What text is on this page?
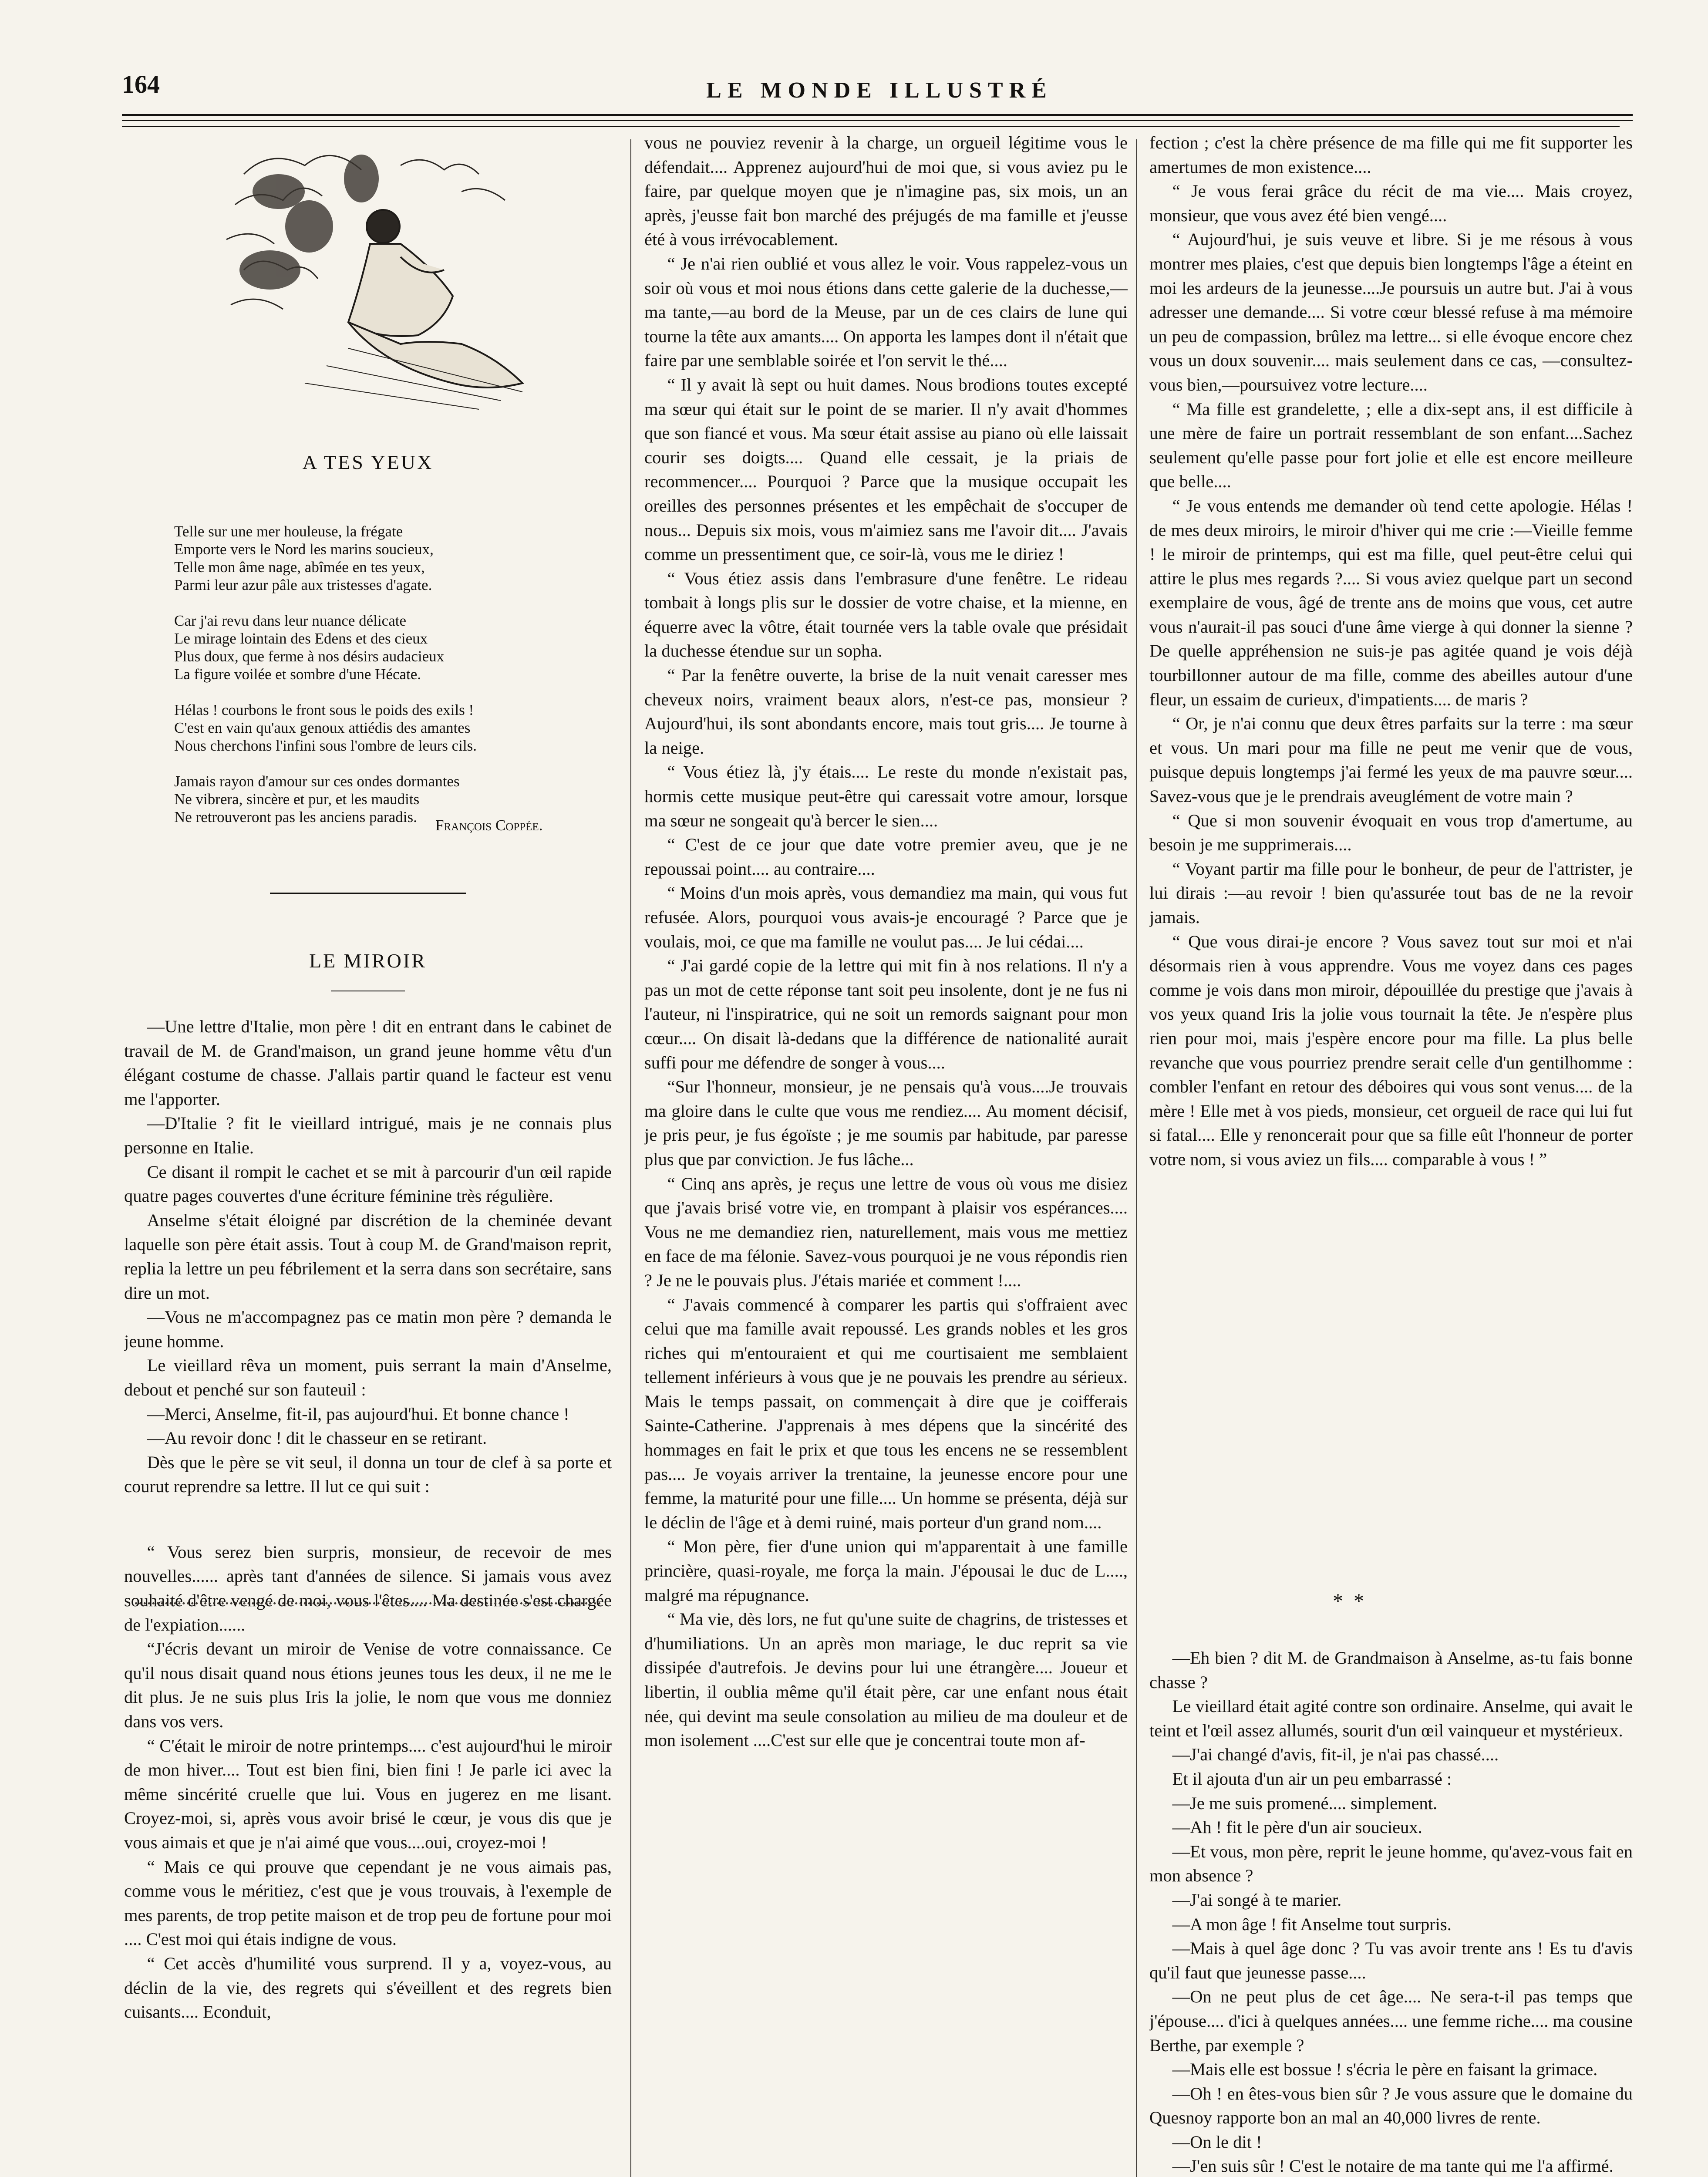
164	LE MONDE ILLUSTRÉ
A TES YEUX
Telle sur une mer houleuse, la frégate
Emporte vers le Nord les marins soucieux,
Telle mon âme nage, abîmée en tes yeux,
Parmi leur azur pâle aux tristesses d'agate.
Car j'ai revu dans leur nuance délicate
Le mirage lointain des Edens et des cieux
Plus doux, que ferme à nos désirs audacieux
La figure voilée et sombre d'une Hécate.
Hélas ! courbons le front sous le poids des exils !
C'est en vain qu'aux genoux attiédis des amantes
Nous cherchons l'infini sous l'ombre de leurs cils.
Jamais rayon d'amour sur ces ondes dormantes
Ne vibrera, sincère et pur, et les maudits
Ne retrouveront pas les anciens paradis.	François Coppée.
LE MIROIR

—Une lettre d'Italie, mon père ! dit en entrant dans le cabinet de travail de M. de Grand'maison, un grand jeune homme vêtu d'un élégant costume de chasse. J'allais partir quand le facteur est venu me l'apporter.

—D'Italie ? fit le vieillard intrigué, mais je ne connais plus personne en Italie.

Ce disant il rompit le cachet et se mit à parcourir d'un œil rapide quatre pages couvertes d'une écriture féminine très régulière.

Anselme s'était éloigné par discrétion de la cheminée devant laquelle son père était assis. Tout à coup M. de Grand'maison reprit, replia la lettre un peu fébrilement et la serra dans son secrétaire, sans dire un mot.

—Vous ne m'accompagnez pas ce matin mon père ? demanda le jeune homme.

Le vieillard rêva un moment, puis serrant la main d'Anselme, debout et penché sur son fauteuil :

—Merci, Anselme, fit-il, pas aujourd'hui. Et bonne chance !

—Au revoir donc ! dit le chasseur en se retirant.

Dès que le père se vit seul, il donna un tour de clef à sa porte et courut reprendre sa lettre. Il lut ce qui suit :

“ Vous serez bien surpris, monsieur, de recevoir de mes nouvelles...... après tant d'années de silence. Si jamais vous avez souhaité d'être vengé de moi, vous l'êtes.... Ma destinée s'est chargée de l'expiation......

“J'écris devant un miroir de Venise de votre connaissance. Ce qu'il nous disait quand nous étions jeunes tous les deux, il ne me le dit plus. Je ne suis plus Iris la jolie, le nom que vous me donniez dans vos vers.

“ C'était le miroir de notre printemps.... c'est aujourd'hui le miroir de mon hiver.... Tout est bien fini, bien fini ! Je parle ici avec la même sincérité cruelle que lui. Vous en jugerez en me lisant. Croyez-moi, si, après vous avoir brisé le cœur, je vous dis que je vous aimais et que je n'ai aimé que vous....oui, croyez-moi !

“ Mais ce qui prouve que cependant je ne vous aimais pas, comme vous le méritiez, c'est que je vous trouvais, à l'exemple de mes parents, de trop petite maison et de trop peu de fortune pour moi .... C'est moi qui étais indigne de vous.

“ Cet accès d'humilité vous surprend. Il y a, voyez-vous, au déclin de la vie, des regrets qui s'éveillent et des regrets bien cuisants.... Econduit,

vous ne pouviez revenir à la charge, un orgueil légitime vous le défendait.... Apprenez aujourd'hui de moi que, si vous aviez pu le faire, par quelque moyen que je n'imagine pas, six mois, un an après, j'eusse fait bon marché des préjugés de ma famille et j'eusse été à vous irrévocablement.

“ Je n'ai rien oublié et vous allez le voir. Vous rappelez-vous un soir où vous et moi nous étions dans cette galerie de la duchesse,—ma tante,—au bord de la Meuse, par un de ces clairs de lune qui tourne la tête aux amants.... On apporta les lampes dont il n'était que faire par une semblable soirée et l'on servit le thé....

“ Il y avait là sept ou huit dames. Nous brodions toutes excepté ma sœur qui était sur le point de se marier. Il n'y avait d'hommes que son fiancé et vous. Ma sœur était assise au piano où elle laissait courir ses doigts.... Quand elle cessait, je la priais de recommencer.... Pourquoi ? Parce que la musique occupait les oreilles des personnes présentes et les empêchait de s'occuper de nous... Depuis six mois, vous m'aimiez sans me l'avoir dit.... J'avais comme un pressentiment que, ce soir-là, vous me le diriez !

“ Vous étiez assis dans l'embrasure d'une fenêtre. Le rideau tombait à longs plis sur le dossier de votre chaise, et la mienne, en équerre avec la vôtre, était tournée vers la table ovale que présidait la duchesse étendue sur un sopha.

“ Par la fenêtre ouverte, la brise de la nuit venait caresser mes cheveux noirs, vraiment beaux alors, n'est-ce pas, monsieur ? Aujourd'hui, ils sont abondants encore, mais tout gris.... Je tourne à la neige.

“ Vous étiez là, j'y étais.... Le reste du monde n'existait pas, hormis cette musique peut-être qui caressait votre amour, lorsque ma sœur ne songeait qu'à bercer le sien....

“ C'est de ce jour que date votre premier aveu, que je ne repoussai point.... au contraire....

“ Moins d'un mois après, vous demandiez ma main, qui vous fut refusée. Alors, pourquoi vous avais-je encouragé ? Parce que je voulais, moi, ce que ma famille ne voulut pas.... Je lui cédai....

“ J'ai gardé copie de la lettre qui mit fin à nos relations. Il n'y a pas un mot de cette réponse tant soit peu insolente, dont je ne fus ni l'auteur, ni l'inspiratrice, qui ne soit un remords saignant pour mon cœur.... On disait là-dedans que la différence de nationalité aurait suffi pour me défendre de songer à vous....

“Sur l'honneur, monsieur, je ne pensais qu'à vous....Je trouvais ma gloire dans le culte que vous me rendiez.... Au moment décisif, je pris peur, je fus égoïste ; je me soumis par habitude, par paresse plus que par conviction. Je fus lâche...

“ Cinq ans après, je reçus une lettre de vous où vous me disiez que j'avais brisé votre vie, en trompant à plaisir vos espérances.... Vous ne me demandiez rien, naturellement, mais vous me mettiez en face de ma félonie. Savez-vous pourquoi je ne vous répondis rien ? Je ne le pouvais plus. J'étais mariée et comment !....

“ J'avais commencé à comparer les partis qui s'offraient avec celui que ma famille avait repoussé. Les grands nobles et les gros riches qui m'entouraient et qui me courtisaient me semblaient tellement inférieurs à vous que je ne pouvais les prendre au sérieux. Mais le temps passait, on commençait à dire que je coifferais Sainte-Catherine. J'apprenais à mes dépens que la sincérité des hommages en fait le prix et que tous les encens ne se ressemblent pas.... Je voyais arriver la trentaine, la jeunesse encore pour une femme, la maturité pour une fille.... Un homme se présenta, déjà sur le déclin de l'âge et à demi ruiné, mais porteur d'un grand nom....

“ Mon père, fier d'une union qui m'apparentait à une famille princière, quasi-royale, me força la main. J'épousai le duc de L...., malgré ma répugnance.

“ Ma vie, dès lors, ne fut qu'une suite de chagrins, de tristesses et d'humiliations. Un an après mon mariage, le duc reprit sa vie dissipée d'autrefois. Je devins pour lui une étrangère.... Joueur et libertin, il oublia même qu'il était père, car une enfant nous était née, qui devint ma seule consolation au milieu de ma douleur et de mon isolement ....C'est sur elle que je concentrai toute mon af-

fection ; c'est la chère présence de ma fille qui me fit supporter les amertumes de mon existence....

“ Je vous ferai grâce du récit de ma vie.... Mais croyez, monsieur, que vous avez été bien vengé....

“ Aujourd'hui, je suis veuve et libre. Si je me résous à vous montrer mes plaies, c'est que depuis bien longtemps l'âge a éteint en moi les ardeurs de la jeunesse....Je poursuis un autre but. J'ai à vous adresser une demande.... Si votre cœur blessé refuse à ma mémoire un peu de compassion, brûlez ma lettre... si elle évoque encore chez vous un doux souvenir.... mais seulement dans ce cas, —consultez-vous bien,—poursuivez votre lecture....

“ Ma fille est grandelette, ; elle a dix-sept ans, il est difficile à une mère de faire un portrait ressemblant de son enfant....Sachez seulement qu'elle passe pour fort jolie et elle est encore meilleure que belle....

“ Je vous entends me demander où tend cette apologie. Hélas ! de mes deux miroirs, le miroir d'hiver qui me crie :—Vieille femme ! le miroir de printemps, qui est ma fille, quel peut-être celui qui attire le plus mes regards ?.... Si vous aviez quelque part un second exemplaire de vous, âgé de trente ans de moins que vous, cet autre vous n'aurait-il pas souci d'une âme vierge à qui donner la sienne ? De quelle appréhension ne suis-je pas agitée quand je vois déjà tourbillonner autour de ma fille, comme des abeilles autour d'une fleur, un essaim de curieux, d'impatients.... de maris ?

“ Or, je n'ai connu que deux êtres parfaits sur la terre : ma sœur et vous. Un mari pour ma fille ne peut me venir que de vous, puisque depuis longtemps j'ai fermé les yeux de ma pauvre sœur.... Savez-vous que je le prendrais aveuglément de votre main ?

“ Que si mon souvenir évoquait en vous trop d'amertume, au besoin je me supprimerais....

“ Voyant partir ma fille pour le bonheur, de peur de l'attrister, je lui dirais :—au revoir ! bien qu'assurée tout bas de ne la revoir jamais.

“ Que vous dirai-je encore ? Vous savez tout sur moi et n'ai désormais rien à vous apprendre. Vous me voyez dans ces pages comme je vois dans mon miroir, dépouillée du prestige que j'avais à vos yeux quand Iris la jolie vous tournait la tête. Je n'espère plus rien pour moi, mais j'espère encore pour ma fille. La plus belle revanche que vous pourriez prendre serait celle d'un gentilhomme : combler l'enfant en retour des déboires qui vous sont venus.... de la mère ! Elle met à vos pieds, monsieur, cet orgueil de race qui lui fut si fatal.... Elle y renoncerait pour que sa fille eût l'honneur de porter votre nom, si vous aviez un fils.... comparable à vous ! ”

* *

—Eh bien ? dit M. de Grandmaison à Anselme, as-tu fais bonne chasse ?

Le vieillard était agité contre son ordinaire. Anselme, qui avait le teint et l'œil assez allumés, sourit d'un œil vainqueur et mystérieux.

—J'ai changé d'avis, fit-il, je n'ai pas chassé....

Et il ajouta d'un air un peu embarrassé :

—Je me suis promené.... simplement.

—Ah ! fit le père d'un air soucieux.

—Et vous, mon père, reprit le jeune homme, qu'avez-vous fait en mon absence ?

—J'ai songé à te marier.

—A mon âge ! fit Anselme tout surpris.

—Mais à quel âge donc ? Tu vas avoir trente ans ! Es tu d'avis qu'il faut que jeunesse passe....

—On ne peut plus de cet âge.... Ne sera-t-il pas temps que j'épouse.... d'ici à quelques années.... une femme riche.... ma cousine Berthe, par exemple ?

—Mais elle est bossue ! s'écria le père en faisant la grimace.

—Oh ! en êtes-vous bien sûr ? Je vous assure que le domaine du Quesnoy rapporte bon an mal an 40,000 livres de rente.

—On le dit !

—J'en suis sûr ! C'est le notaire de ma tante qui me l'a affirmé.
